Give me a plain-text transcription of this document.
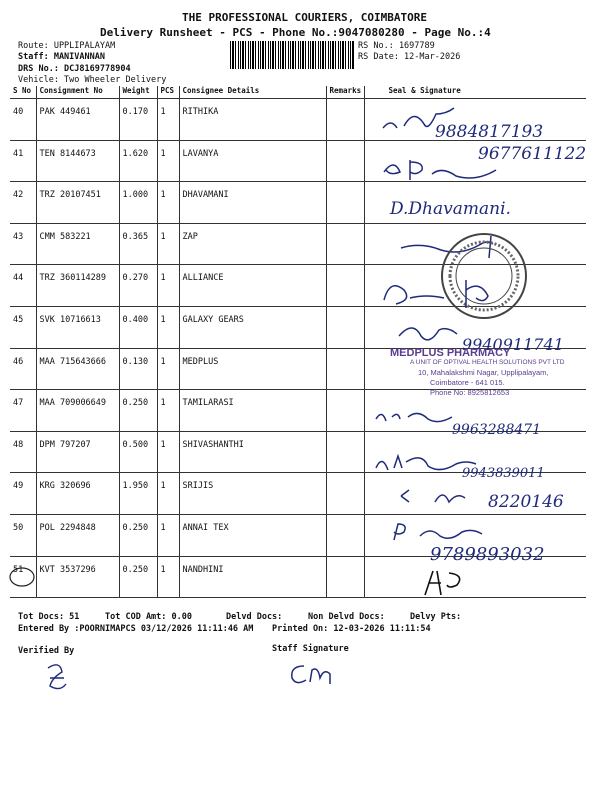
THE PROFESSIONAL COURIERS, COIMBATORE
Delivery Runsheet - PCS - Phone No.:9047080280 - Page No.:4
Route: UPPLIPALAYAM
Staff: MANIVANNAN
DRS No.: DCJ8169778904
Vehicle: Two Wheeler Delivery
RS No.: 1697789
RS Date: 12-Mar-2026
S No	Consignment No	Weight	PCS	Consignee Details	Remarks	Seal & Signature
40	PAK 449461	0.170	1	RITHIKA		
41	TEN 8144673	1.620	1	LAVANYA		
42	TRZ 20107451	1.000	1	DHAVAMANI		
43	CMM 583221	0.365	1	ZAP		
44	TRZ 360114289	0.270	1	ALLIANCE		
45	SVK 10716613	0.400	1	GALAXY GEARS		
46	MAA 715643666	0.130	1	MEDPLUS		
47	MAA 709006649	0.250	1	TAMILARASI		
48	DPM 797207	0.500	1	SHIVASHANTHI		
49	KRG 320696	1.950	1	SRIJIS		
50	POL 2294848	0.250	1	ANNAI TEX		
51	KVT 3537296	0.250	1	NANDHINI		
9884817193
9677611122
D.Dhavamani.
9940911741
MEDPLUS PHARMACY
A UNIT OF OPTIVAL HEALTH SOLUTIONS PVT LTD
10, Mahalakshmi Nagar, Upplipalayam,
Coimbatore - 641 015.
Phone No: 8925812653
9963288471
9943839011
8220146
9789893032
Tot Docs: 51	Tot COD Amt: 0.00	Delvd Docs:	Non Delvd Docs:	Delvy Pts:
Entered By :POORNIMAPCS 03/12/2026 11:11:46 AM Printed On: 12-03-2026 11:11:54
Verified By	Staff Signature
